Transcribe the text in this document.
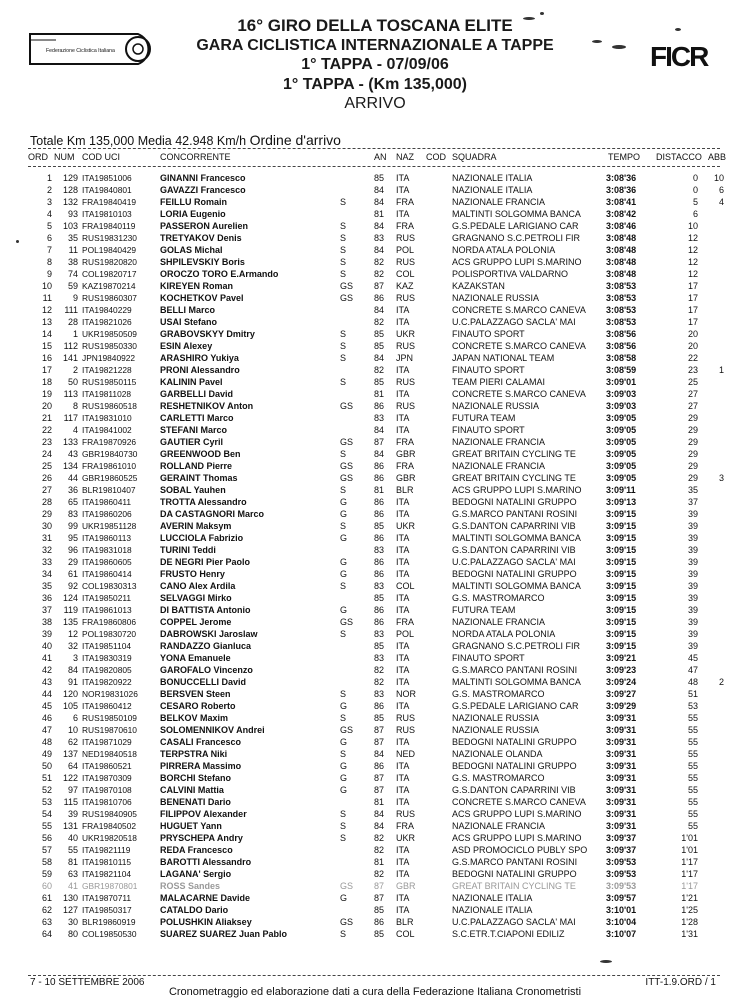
Federazione Ciclistica Italiana	FICR
16° GIRO DELLA TOSCANA ELITE
GARA CICLISTICA INTERNAZIONALE A TAPPE
1° TAPPA - 07/09/06
1° TAPPA - (Km 135,000)
ARRIVO
Totale Km 135,000 Media 42.948 Km/h Ordine d'arrivo
ORD NUM COD UCI	CONCORRENTE	AN NAZ COD SQUADRA	TEMPO DISTACCO ABB
1	129 ITA19851006	GINANNI Francesco	85 ITA	NAZIONALE ITALIA	3:08'36	0	10
2	128 ITA19840801	GAVAZZI Francesco	84 ITA	NAZIONALE ITALIA	3:08'36	0	6
3	132 FRA19840419	FEILLU Romain	S	84 FRA	NAZIONALE FRANCIA	3:08'41	5	4
4	93 ITA19810103	LORIA Eugenio	81 ITA	MALTINTI SOLGOMMA BANCA	3:08'42	6
5	103 FRA19840119	PASSERON Aurelien	S	84 FRA	G.S.PEDALE LARIGIANO CAR	3:08'46	10
6	35 RUS19831230	TRETYAKOV Denis	S	83 RUS	GRAGNANO S.C.PETROLI FIR	3:08'48	12
7	11 POL19840429	GOLAS Michal	S	84 POL	NORDA ATALA POLONIA	3:08'48	12
8	38 RUS19820820	SHPILEVSKIY Boris	S	82 RUS	ACS GRUPPO LUPI S.MARINO	3:08'48	12
9	74 COL19820717	OROCZO TORO E.Armando	S	82 COL	POLISPORTIVA VALDARNO	3:08'48	12
10	59 KAZ19870214	KIREYEN Roman	GS 87 KAZ	KAZAKSTAN	3:08'53	17
11	9 RUS19860307	KOCHETKOV Pavel	GS 86 RUS	NAZIONALE RUSSIA	3:08'53	17
12	111 ITA19840229	BELLI Marco	84 ITA	CONCRETE S.MARCO CANEVA 3:08'53	17
13	28 ITA19821026	USAI Stefano	82 ITA	U.C.PALAZZAGO SACLA' MAI	3:08'53	17
14	1 UKR19850509	GRABOVSKYY Dmitry	S	85 UKR	FINAUTO SPORT	3:08'56	20
15	112 RUS19850330	ESIN Alexey	S	85 RUS	CONCRETE S.MARCO CANEVA 3:08'56	20
16	141 JPN19840922	ARASHIRO Yukiya	S	84 JPN	JAPAN NATIONAL TEAM	3:08'58	22
17	2 ITA19821228	PRONI Alessandro	82 ITA	FINAUTO SPORT	3:08'59	23	1
18	50 RUS19850115	KALININ Pavel	S	85 RUS	TEAM PIERI CALAMAI	3:09'01	25
19	113 ITA19811028	GARBELLI David	81 ITA	CONCRETE S.MARCO CANEVA 3:09'03	27
20	8 RUS19860518	RESHETNIKOV Anton	GS 86 RUS	NAZIONALE RUSSIA	3:09'03	27
21	117 ITA19831010	CARLETTI Marco	83 ITA	FUTURA TEAM	3:09'05	29
22	4 ITA19841002	STEFANI Marco	84 ITA	FINAUTO SPORT	3:09'05	29
23	133 FRA19870926	GAUTIER Cyril	GS 87 FRA	NAZIONALE FRANCIA	3:09'05	29
24	43 GBR19840730	GREENWOOD Ben	S	84 GBR	GREAT BRITAIN CYCLING TE	3:09'05	29
25	134 FRA19861010	ROLLAND Pierre	GS 86 FRA	NAZIONALE FRANCIA	3:09'05	29
26	44 GBR19860525	GERAINT Thomas	GS 86 GBR	GREAT BRITAIN CYCLING TE	3:09'05	29	3
27	36 BLR19810407	SOBAL Yauhen	S	81 BLR	ACS GRUPPO LUPI S.MARINO	3:09'11	35
28	65 ITA19860411	TROTTA Alessandro	G	86 ITA	BEDOGNI NATALINI GRUPPO	3:09'13	37
29	83 ITA19860206	DA CASTAGNORI Marco	G	86 ITA	G.S.MARCO PANTANI ROSINI	3:09'15	39
30	99 UKR19851128	AVERIN Maksym	S	85 UKR	G.S.DANTON CAPARRINI VIB	3:09'15	39
31	95 ITA19860113	LUCCIOLA Fabrizio	G	86 ITA	MALTINTI SOLGOMMA BANCA	3:09'15	39
32	96 ITA19831018	TURINI Teddi	83 ITA	G.S.DANTON CAPARRINI VIB	3:09'15	39
33	29 ITA19860605	DE NEGRI Pier Paolo	G	86 ITA	U.C.PALAZZAGO SACLA' MAI	3:09'15	39
34	61 ITA19860414	FRUSTO Henry	G	86 ITA	BEDOGNI NATALINI GRUPPO	3:09'15	39
35	92 COL19830313	CANO Alex Ardila	S	83 COL	MALTINTI SOLGOMMA BANCA	3:09'15	39
36	124 ITA19850211	SELVAGGI Mirko	85 ITA	G.S. MASTROMARCO	3:09'15	39
37	119 ITA19861013	DI BATTISTA Antonio	G	86 ITA	FUTURA TEAM	3:09'15	39
38	135 FRA19860806	COPPEL Jerome	GS 86 FRA	NAZIONALE FRANCIA	3:09'15	39
39	12 POL19830720	DABROWSKI Jaroslaw	S	83 POL	NORDA ATALA POLONIA	3:09'15	39
40	32 ITA19851104	RANDAZZO Gianluca	85 ITA	GRAGNANO S.C.PETROLI FIR	3:09'15	39
41	3 ITA19830319	YONA Emanuele	83 ITA	FINAUTO SPORT	3:09'21	45
42	84 ITA19820805	GAROFALO Vincenzo	82 ITA	G.S.MARCO PANTANI ROSINI	3:09'23	47
43	91 ITA19820922	BONUCCELLI David	82 ITA	MALTINTI SOLGOMMA BANCA	3:09'24	48	2
44	120 NOR19831026 BERSVEN Steen	S	83 NOR	G.S. MASTROMARCO	3:09'27	51
45	105 ITA19860412	CESARO Roberto	G	86 ITA	G.S.PEDALE LARIGIANO CAR	3:09'29	53
46	6 RUS19850109	BELKOV Maxim	S	85 RUS	NAZIONALE RUSSIA	3:09'31	55
47	10 RUS19870610	SOLOMENNIKOV Andrei	GS 87 RUS	NAZIONALE RUSSIA	3:09'31	55
48	62 ITA19871029	CASALI Francesco	G	87 ITA	BEDOGNI NATALINI GRUPPO	3:09'31	55
49	137 NED19840518	TERPSTRA Niki	S	84 NED	NAZIONALE OLANDA	3:09'31	55
50	64 ITA19860521	PIRRERA Massimo	G	86 ITA	BEDOGNI NATALINI GRUPPO	3:09'31	55
51	122 ITA19870309	BORCHI Stefano	G	87 ITA	G.S. MASTROMARCO	3:09'31	55
52	97 ITA19870108	CALVINI Mattia	G	87 ITA	G.S.DANTON CAPARRINI VIB	3:09'31	55
53	115 ITA19810706	BENENATI Dario	81 ITA	CONCRETE S.MARCO CANEVA 3:09'31	55
54	39 RUS19840905	FILIPPOV Alexander	S	84 RUS	ACS GRUPPO LUPI S.MARINO	3:09'31	55
55	131 FRA19840502	HUGUET Yann	S	84 FRA	NAZIONALE FRANCIA	3:09'31	55
56	40 UKR19820518	PRYSCHEPA Andry	S	82 UKR	ACS GRUPPO LUPI S.MARINO	3:09'37	1'01
57	55 ITA19821119	REDA Francesco	82 ITA	ASD PROMOCICLO PUBLY SPO 3:09'37	1'01
58	81 ITA19810115	BAROTTI Alessandro	81 ITA	G.S.MARCO PANTANI ROSINI	3:09'53	1'17
59	63 ITA19821104	LAGANA' Sergio	82 ITA	BEDOGNI NATALINI GRUPPO	3:09'53	1'17
60	41 GBR19870801	ROSS Sandes	GS 87 GBR	GREAT BRITAIN CYCLING TE	3:09'53	1'17
61	130 ITA19870711	MALACARNE Davide	G	87 ITA	NAZIONALE ITALIA	3:09'57	1'21
62	127 ITA19850317	CATALDO Dario	85 ITA	NAZIONALE ITALIA	3:10'01	1'25
63	30 BLR19860919	POLUSHKIN Aliaksey	GS 86 BLR	U.C.PALAZZAGO SACLA' MAI	3:10'04	1'28
64	80 COL19850530	SUAREZ SUAREZ Juan Pablo	S	85 COL	S.C.ETR.T.CIAPONI EDILIZ	3:10'07	1'31
7 - 10 SETTEMBRE 2006	ITT-1.9.ORD / 1
Cronometraggio ed elaborazione dati a cura della Federazione Italiana Cronometristi
